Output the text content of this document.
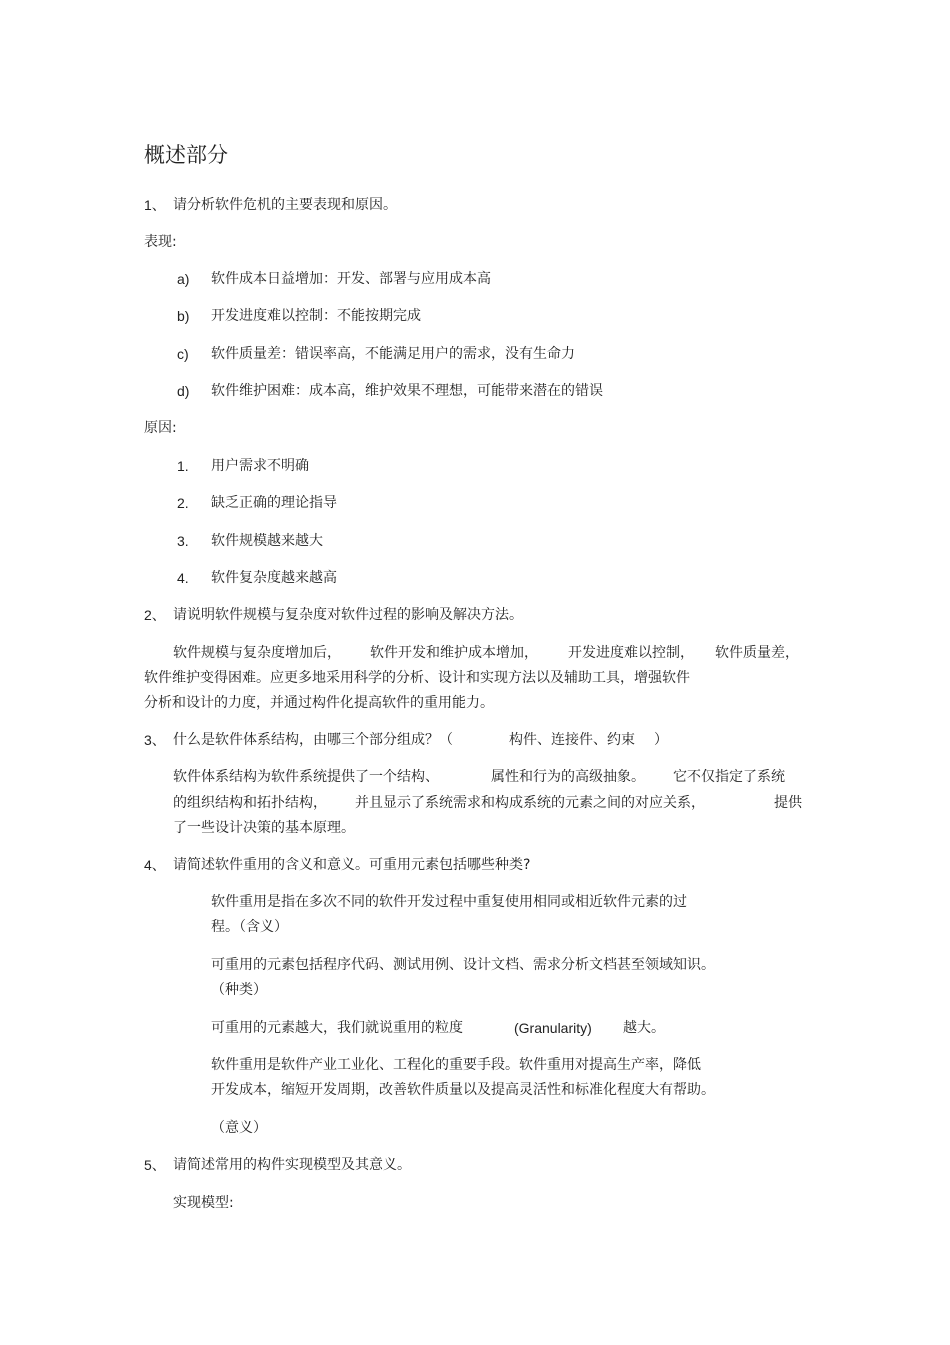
概述部分
1、 请分析软件危机的主要表现和原因。
表现:
a) 软件成本日益增加：开发、部署与应用成本高
b) 开发进度难以控制：不能按期完成
c) 软件质量差：错误率高，不能满足用户的需求，没有生命力
d) 软件维护困难：成本高，维护效果不理想，可能带来潜在的错误
原因:
1. 用户需求不明确
2. 缺乏正确的理论指导
3. 软件规模越来越大
4. 软件复杂度越来越高
2、 请说明软件规模与复杂度对软件过程的影响及解决方法。
软件规模与复杂度增加后， 软件开发和维护成本增加， 开发进度难以控制， 软件质量差，
软件维护变得困难。应更多地采用科学的分析、设计和实现方法以及辅助工具，增强软件
分析和设计的力度，并通过构件化提高软件的重用能力。
3、 什么是软件体系结构，由哪三个部分组成？（	构件、连接件、约束 ）
软件体系结构为软件系统提供了一个结构、	属性和行为的高级抽象。 它不仅指定了系统
的组织结构和拓扑结构， 并且显示了系统需求和构成系统的元素之间的对应关系，	提供
了一些设计决策的基本原理。
4、 请简述软件重用的含义和意义。可重用元素包括哪些种类?
软件重用是指在多次不同的软件开发过程中重复使用相同或相近软件元素的过
程。（含义）
可重用的元素包括程序代码、测试用例、设计文档、需求分析文档甚至领域知识。
（种类）
可重用的元素越大，我们就说重用的粒度	(Granularity) 越大。
软件重用是软件产业工业化、工程化的重要手段。软件重用对提高生产率，降低
开发成本，缩短开发周期，改善软件质量以及提高灵活性和标准化程度大有帮助。
（意义）
5、 请简述常用的构件实现模型及其意义。
实现模型:
